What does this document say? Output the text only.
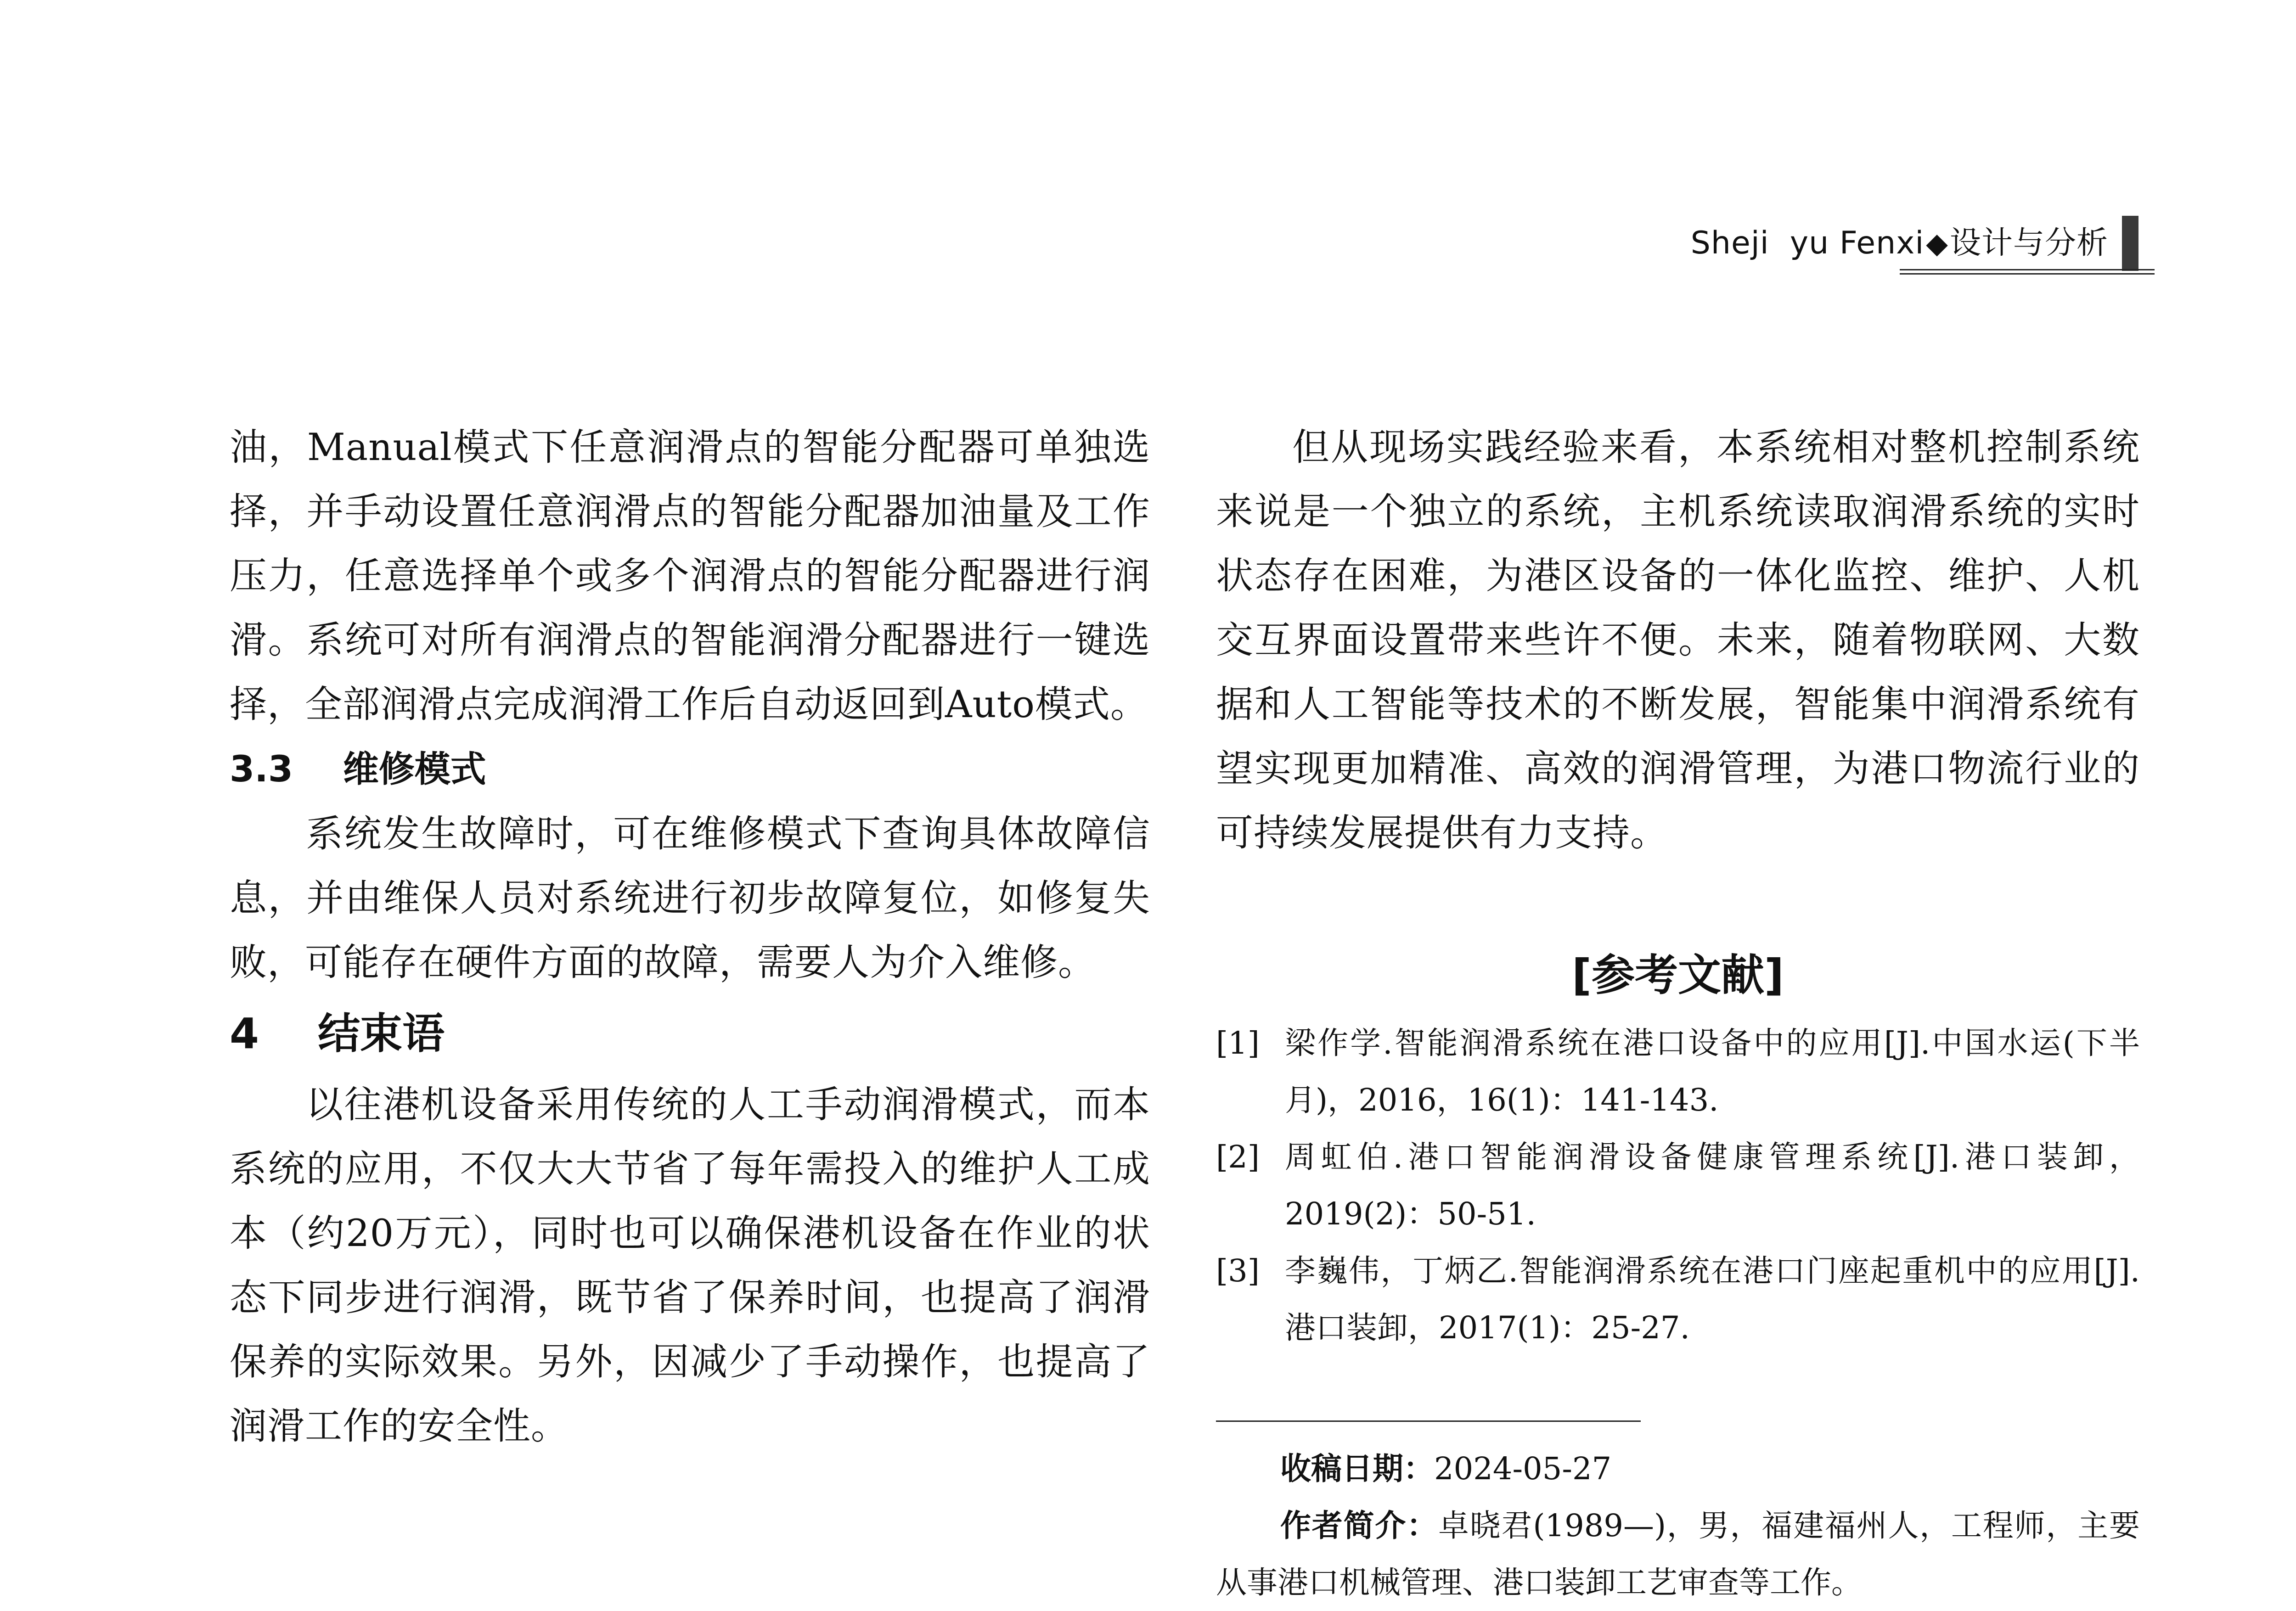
Sheji  yu Fenxi ◆ 设计与分析

油，Manual模式下任意润滑点的智能分配器可单独选择，并手动设置任意润滑点的智能分配器加油量及工作压力，任意选择单个或多个润滑点的智能分配器进行润滑。系统可对所有润滑点的智能润滑分配器进行一键选择，全部润滑点完成润滑工作后自动返回到Auto模式。

3.3    维修模式

系统发生故障时，可在维修模式下查询具体故障信息，并由维保人员对系统进行初步故障复位，如修复失败，可能存在硬件方面的故障，需要人为介入维修。

4    结束语

以往港机设备采用传统的人工手动润滑模式，而本系统的应用，不仅大大节省了每年需投入的维护人工成本（约20万元），同时也可以确保港机设备在作业的状态下同步进行润滑，既节省了保养时间，也提高了润滑保养的实际效果。另外，因减少了手动操作，也提高了润滑工作的安全性。

但从现场实践经验来看，本系统相对整机控制系统来说是一个独立的系统，主机系统读取润滑系统的实时状态存在困难，为港区设备的一体化监控、维护、人机交互界面设置带来些许不便。未来，随着物联网、大数据和人工智能等技术的不断发展，智能集中润滑系统有望实现更加精准、高效的润滑管理，为港口物流行业的可持续发展提供有力支持。

[参考文献]
[1] 梁作学.智能润滑系统在港口设备中的应用[J].中国水运(下半月)，2016，16(1)：141-143.
[2] 周虹伯.港口智能润滑设备健康管理系统[J].港口装卸，2019(2)：50-51.
[3] 李巍伟，丁炳乙.智能润滑系统在港口门座起重机中的应用[J].港口装卸，2017(1)：25-27.

收稿日期：2024-05-27

作者简介：卓晓君(1989—)，男，福建福州人，工程师，主要从事港口机械管理、港口装卸工艺审查等工作。
